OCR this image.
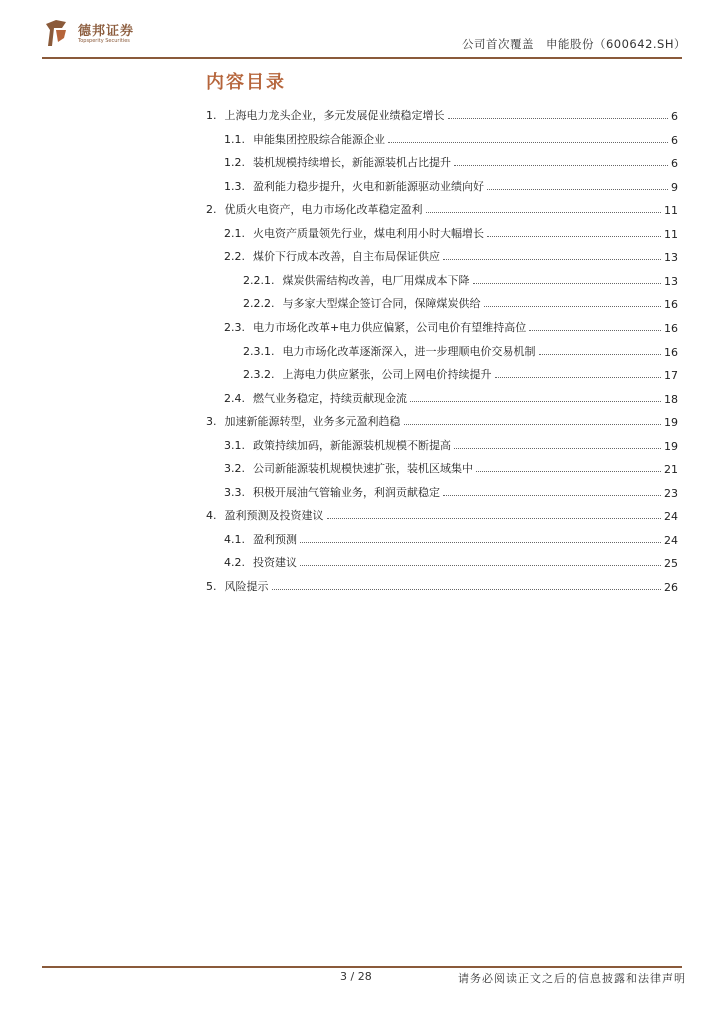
德邦证券
Topsperity Securities	公司首次覆盖 申能股份（600642.SH）
内容目录
1. 上海电力龙头企业，多元发展促业绩稳定增长	6
1.1. 申能集团控股综合能源企业	6
1.2. 装机规模持续增长，新能源装机占比提升	6
1.3. 盈利能力稳步提升，火电和新能源驱动业绩向好	9
2. 优质火电资产，电力市场化改革稳定盈利	11
2.1. 火电资产质量领先行业，煤电利用小时大幅增长	11
2.2. 煤价下行成本改善，自主布局保证供应	13
2.2.1. 煤炭供需结构改善，电厂用煤成本下降	13
2.2.2. 与多家大型煤企签订合同，保障煤炭供给	16
2.3. 电力市场化改革+电力供应偏紧，公司电价有望维持高位	16
2.3.1. 电力市场化改革逐渐深入，进一步理顺电价交易机制	16
2.3.2. 上海电力供应紧张，公司上网电价持续提升	17
2.4. 燃气业务稳定，持续贡献现金流	18
3. 加速新能源转型，业务多元盈利趋稳	19
3.1. 政策持续加码，新能源装机规模不断提高	19
3.2. 公司新能源装机规模快速扩张，装机区域集中	21
3.3. 积极开展油气管输业务，利润贡献稳定	23
4. 盈利预测及投资建议	24
4.1. 盈利预测	24
4.2. 投资建议	25
5. 风险提示	26
3 / 28	请务必阅读正文之后的信息披露和法律声明
